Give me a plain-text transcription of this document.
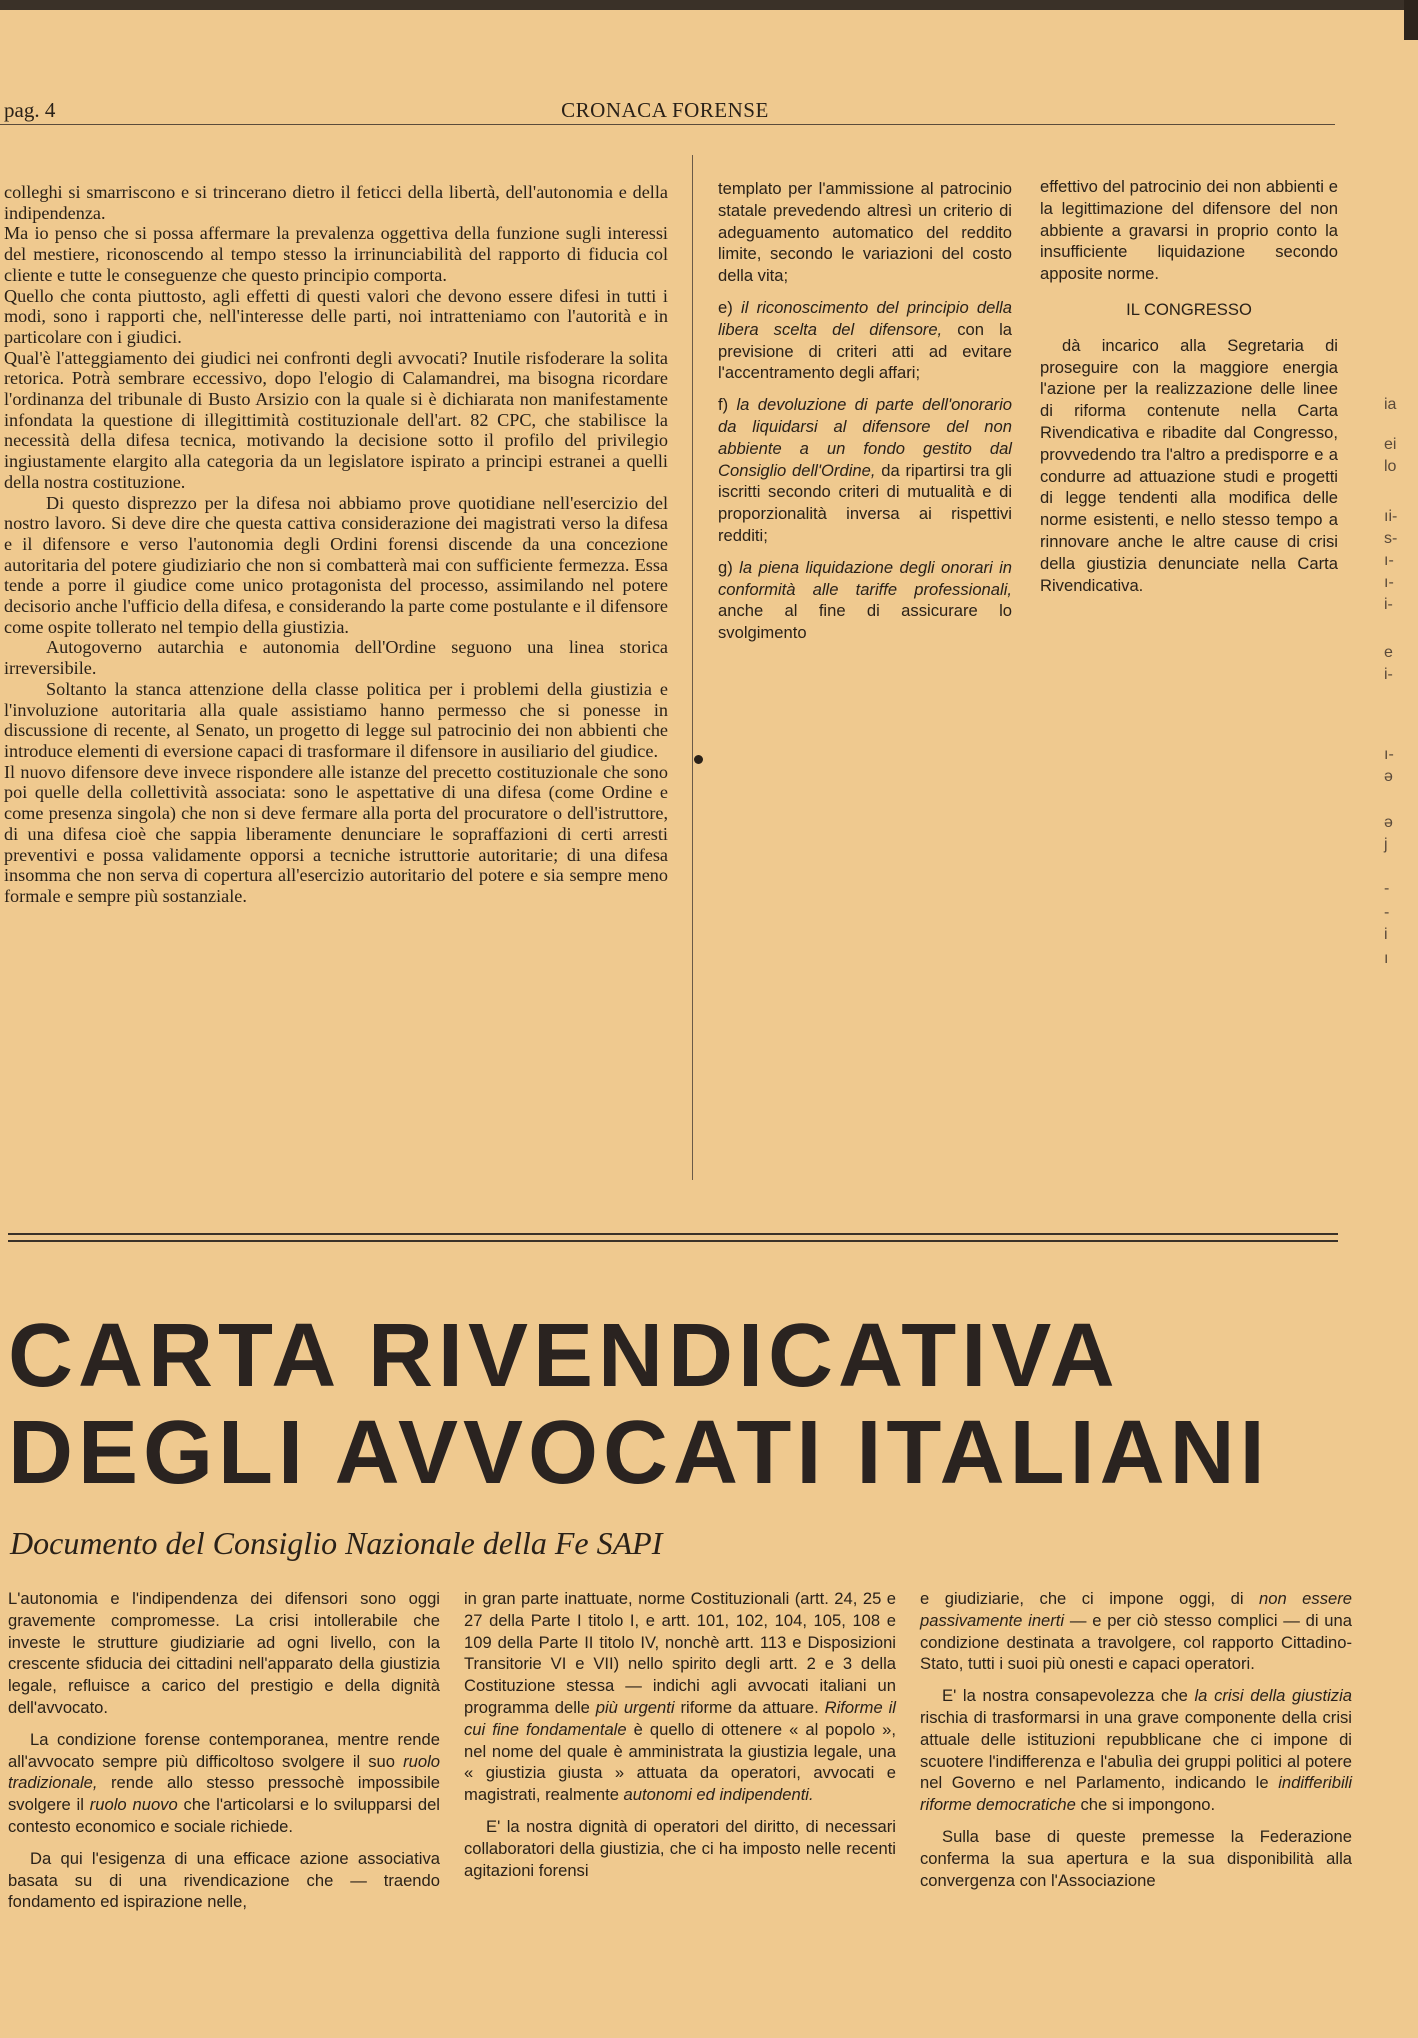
pag. 4	CRONACA FORENSE

colleghi si smarriscono e si trincerano dietro il feticci della libertà, dell'autonomia e della indipendenza.

Ma io penso che si possa affermare la prevalenza oggettiva della funzione sugli interessi del mestiere, riconoscendo al tempo stesso la irrinunciabilità del rapporto di fiducia col cliente e tutte le conseguenze che questo principio comporta.

Quello che conta piuttosto, agli effetti di questi valori che devono essere difesi in tutti i modi, sono i rapporti che, nell'interesse delle parti, noi intratteniamo con l'autorità e in particolare con i giudici.

Qual'è l'atteggiamento dei giudici nei confronti degli avvocati? Inutile risfoderare la solita retorica. Potrà sembrare eccessivo, dopo l'elogio di Calamandrei, ma bisogna ricordare l'ordinanza del tribunale di Busto Arsizio con la quale si è dichiarata non manifestamente infondata la questione di illegittimità costituzionale dell'art. 82 CPC, che stabilisce la necessità della difesa tecnica, motivando la decisione sotto il profilo del privilegio ingiustamente elargito alla categoria da un legislatore ispirato a principi estranei a quelli della nostra costituzione.

Di questo disprezzo per la difesa noi abbiamo prove quotidiane nell'esercizio del nostro lavoro. Si deve dire che questa cattiva considerazione dei magistrati verso la difesa e il difensore e verso l'autonomia degli Ordini forensi discende da una concezione autoritaria del potere giudiziario che non si combatterà mai con sufficiente fermezza. Essa tende a porre il giudice come unico protagonista del processo, assimilando nel potere decisorio anche l'ufficio della difesa, e considerando la parte come postulante e il difensore come ospite tollerato nel tempio della giustizia.

Autogoverno autarchia e autonomia dell'Ordine seguono una linea storica irreversibile.

Soltanto la stanca attenzione della classe politica per i problemi della giustizia e l'involuzione autoritaria alla quale assistiamo hanno permesso che si ponesse in discussione di recente, al Senato, un progetto di legge sul patrocinio dei non abbienti che introduce elementi di eversione capaci di trasformare il difensore in ausiliario del giudice.

Il nuovo difensore deve invece rispondere alle istanze del precetto costituzionale che sono poi quelle della collettività associata: sono le aspettative di una difesa (come Ordine e come presenza singola) che non si deve fermare alla porta del procuratore o dell'istruttore, di una difesa cioè che sappia liberamente denunciare le sopraffazioni di certi arresti preventivi e possa validamente opporsi a tecniche istruttorie autoritarie; di una difesa insomma che non serva di copertura all'esercizio autoritario del potere e sia sempre meno formale e sempre più sostanziale.

templato per l'ammissione al patrocinio statale prevedendo altresì un criterio di adeguamento automatico del reddito limite, secondo le variazioni del costo della vita;

e) il riconoscimento del principio della libera scelta del difensore, con la previsione di criteri atti ad evitare l'accentramento degli affari;

f) la devoluzione di parte dell'onorario da liquidarsi al difensore del non abbiente a un fondo gestito dal Consiglio dell'Ordine, da ripartirsi tra gli iscritti secondo criteri di mutualità e di proporzionalità inversa ai rispettivi redditi;

g) la piena liquidazione degli onorari in conformità alle tariffe professionali, anche al fine di assicurare lo svolgimento

effettivo del patrocinio dei non abbienti e la legittimazione del difensore del non abbiente a gravarsi in proprio conto la insufficiente liquidazione secondo apposite norme.

IL CONGRESSO

dà incarico alla Segretaria di proseguire con la maggiore energia l'azione per la realizzazione delle linee di riforma contenute nella Carta Rivendicativa e ribadite dal Congresso, provvedendo tra l'altro a predisporre e a condurre ad attuazione studi e progetti di legge tendenti alla modifica delle norme esistenti, e nello stesso tempo a rinnovare anche le altre cause di crisi della giustizia denunciate nella Carta Rivendicativa.

ia
ei
lo
ıi-
s-
ı-
ı-
i-
e
i-
ı-
ə
ə
j
-
-
i
ı
CARTA RIVENDICATIVA
DEGLI AVVOCATI ITALIANI
Documento del Consiglio Nazionale della Fe SAPI

L'autonomia e l'indipendenza dei difensori sono oggi gravemente compromesse. La crisi intollerabile che investe le strutture giudiziarie ad ogni livello, con la crescente sfiducia dei cittadini nell'apparato della giustizia legale, refluisce a carico del prestigio e della dignità dell'avvocato.

La condizione forense contemporanea, mentre rende all'avvocato sempre più difficoltoso svolgere il suo ruolo tradizionale, rende allo stesso pressochè impossibile svolgere il ruolo nuovo che l'articolarsi e lo svilupparsi del contesto economico e sociale richiede.

Da qui l'esigenza di una efficace azione associativa basata su di una rivendicazione che — traendo fondamento ed ispirazione nelle,

in gran parte inattuate, norme Costituzionali (artt. 24, 25 e 27 della Parte I titolo I, e artt. 101, 102, 104, 105, 108 e 109 della Parte II titolo IV, nonchè artt. 113 e Disposizioni Transitorie VI e VII) nello spirito degli artt. 2 e 3 della Costituzione stessa — indichi agli avvocati italiani un programma delle più urgenti riforme da attuare. Riforme il cui fine fondamentale è quello di ottenere « al popolo », nel nome del quale è amministrata la giustizia legale, una « giustizia giusta » attuata da operatori, avvocati e magistrati, realmente autonomi ed indipendenti.

E' la nostra dignità di operatori del diritto, di necessari collaboratori della giustizia, che ci ha imposto nelle recenti agitazioni forensi

e giudiziarie, che ci impone oggi, di non essere passivamente inerti — e per ciò stesso complici — di una condizione destinata a travolgere, col rapporto Cittadino-Stato, tutti i suoi più onesti e capaci operatori.

E' la nostra consapevolezza che la crisi della giustizia rischia di trasformarsi in una grave componente della crisi attuale delle istituzioni repubblicane che ci impone di scuotere l'indifferenza e l'abulìa dei gruppi politici al potere nel Governo e nel Parlamento, indicando le indifferibili riforme democratiche che si impongono.

Sulla base di queste premesse la Federazione conferma la sua apertura e la sua disponibilità alla convergenza con l'Associazione
